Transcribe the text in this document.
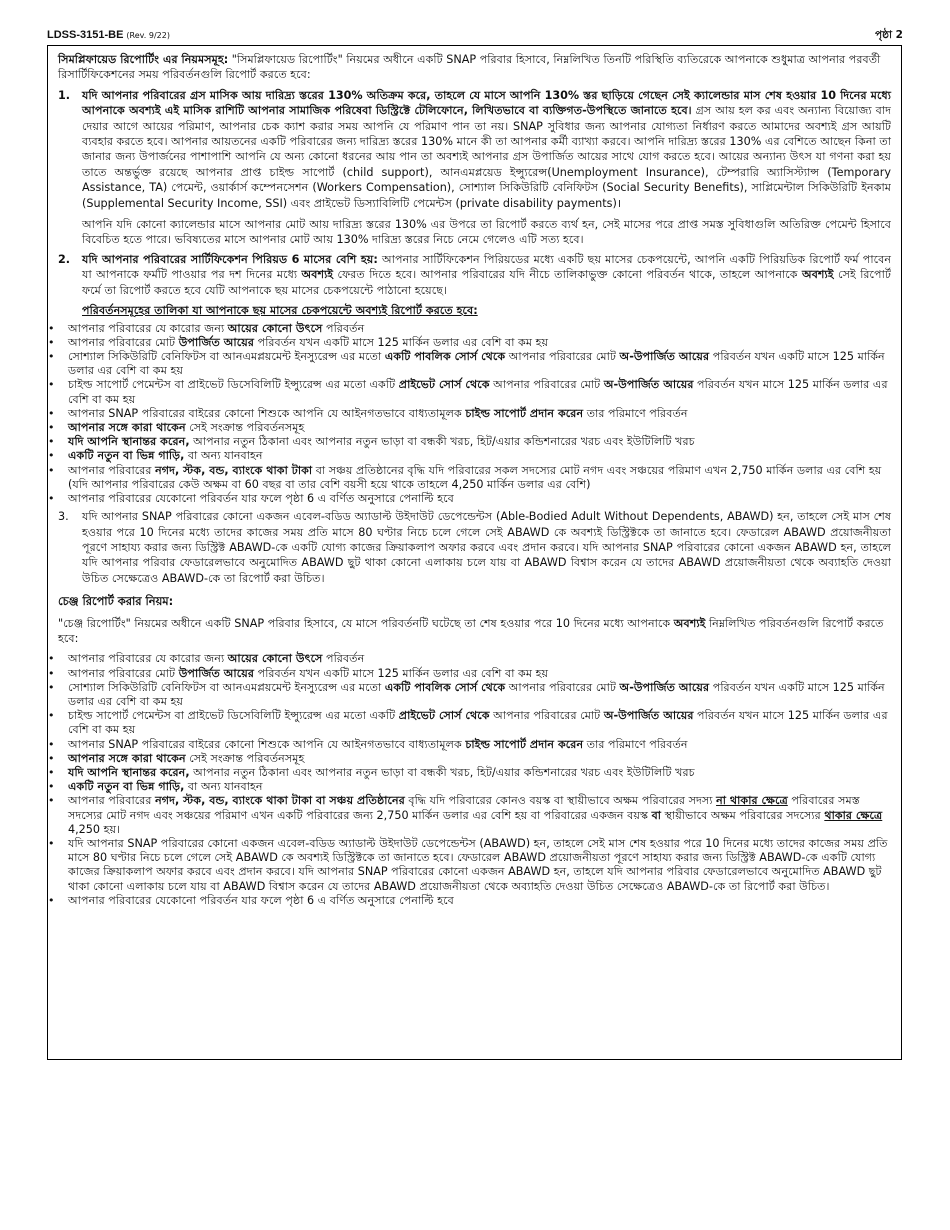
LDSS-3151-BE (Rev. 9/22)	পৃষ্ঠা 2

সিমপ্লিফায়েড রিপোর্টিং এর নিয়মসমূহ: "সিমপ্লিফায়েড রিপোর্টিং" নিয়মের অধীনে একটি SNAP পরিবার হিসাবে, নিম্নলিখিত তিনটি পরিস্থিতি ব্যতিরেকে আপনাকে শুধুমাত্র আপনার পরবর্তী রিসার্টিফিকেশনের সময় পরিবর্তনগুলি রিপোর্ট করতে হবে:

1.	যদি আপনার পরিবারের গ্রস মাসিক আয় দারিদ্র্য স্তরের 130% অতিক্রম করে, তাহলে যে মাসে আপনি 130% স্তর ছাড়িয়ে গেছেন সেই ক্যালেন্ডার মাস শেষ হওয়ার 10 দিনের মধ্যে আপনাকে অবশ্যই এই মাসিক রাশিটি আপনার সামাজিক পরিষেবা ডিস্ট্রিক্টে টেলিফোনে, লিখিতভাবে বা ব্যক্তিগত-উপস্থিতে জানাতে হবে। গ্রস আয় হল কর এবং অন্যান্য বিয়োজ্য বাদ দেয়ার আগে আয়ের পরিমাণ, আপনার চেক ক্যাশ করার সময় আপনি যে পরিমাণ পান তা নয়। SNAP সুবিধার জন্য আপনার যোগ্যতা নির্ধারণ করতে আমাদের অবশ্যই গ্রস আয়টি ব্যবহার করতে হবে। আপনার আয়তনের একটি পরিবারের জন্য দারিদ্র্য স্তরের 130% মানে কী তা আপনার কর্মী ব্যাখ্যা করবে। আপনি দারিদ্র্য স্তরের 130% এর বেশিতে আছেন কিনা তা জানার জন্য উপার্জনের পাশাপাশি আপনি যে অন্য কোনো ধরনের আয় পান তা অবশ্যই আপনার গ্রস উপার্জিত আয়ের সাথে যোগ করতে হবে। আয়ের অন্যান্য উৎস যা গণনা করা হয় তাতে অন্তর্ভুক্ত রয়েছে আপনার প্রাপ্ত চাইল্ড সাপোর্ট (child support), আনএমপ্লয়েড ইন্স্যুরেন্স(Unemployment Insurance), টেম্পরারি অ্যাসিস্ট্যান্স (Temporary Assistance, TA) পেমেন্ট, ওয়ার্কার্স কম্পেনসেশন (Workers Compensation), সোশ্যাল সিকিউরিটি বেনিফিটস (Social Security Benefits), সাপ্লিমেন্টাল সিকিউরিটি ইনকাম (Supplemental Security Income, SSI) এবং প্রাইভেট ডিস্যাবিলিটি পেমেন্টস (private disability payments)।

আপনি যদি কোনো ক্যালেন্ডার মাসে আপনার মোট আয় দারিদ্র্য স্তরের 130% এর উপরে তা রিপোর্ট করতে ব্যর্থ হন, সেই মাসের পরে প্রাপ্ত সমস্ত সুবিধাগুলি অতিরিক্ত পেমেন্ট হিসাবে বিবেচিত হতে পারে। ভবিষ্যতের মাসে আপনার মোট আয় 130% দারিদ্র্য স্তরের নিচে নেমে গেলেও এটি সত্য হবে।

2.	যদি আপনার পরিবারের সার্টিফিকেশন পিরিয়ড 6 মাসের বেশি হয়: আপনার সার্টিফিকেশন পিরিয়ডের মধ্যে একটি ছয় মাসের চেকপয়েন্টে, আপনি একটি পিরিয়ডিক রিপোর্ট ফর্ম পাবেন যা আপনাকে ফর্মটি পাওয়ার পর দশ দিনের মধ্যে অবশ্যই ফেরত দিতে হবে। আপনার পরিবারের যদি নীচে তালিকাভুক্ত কোনো পরিবর্তন থাকে, তাহলে আপনাকে অবশ্যই সেই রিপোর্ট ফর্মে তা রিপোর্ট করতে হবে যেটি আপনাকে ছয় মাসের চেকপয়েন্টে পাঠানো হয়েছে।

পরিবর্তনসমূহের তালিকা যা আপনাকে ছয় মাসের চেকপয়েন্টে অবশ্যই রিপোর্ট করতে হবে:

• আপনার পরিবারের যে কারোর জন্য আয়ের কোনো উৎসে পরিবর্তন
• আপনার পরিবারের মোট উপার্জিত আয়ের পরিবর্তন যখন একটি মাসে 125 মার্কিন ডলার এর বেশি বা কম হয়
• সোশ্যাল সিকিউরিটি বেনিফিটস বা আনএমপ্লয়মেন্ট ইনস্যুরেন্স এর মতো একটি পাবলিক সোর্স থেকে আপনার পরিবারের মোট অ-উপার্জিত আয়ের পরিবর্তন যখন একটি মাসে 125 মার্কিন ডলার এর বেশি বা কম হয়
• চাইল্ড সাপোর্ট পেমেন্টস বা প্রাইভেট ডিসেবিলিটি ইন্স্যুরেন্স এর মতো একটি প্রাইভেট সোর্স থেকে আপনার পরিবারের মোট অ-উপার্জিত আয়ের পরিবর্তন যখন মাসে 125 মার্কিন ডলার এর বেশি বা কম হয়
• আপনার SNAP পরিবারের বাইরের কোনো শিশুকে আপনি যে আইনগতভাবে বাধ্যতামূলক চাইল্ড সাপোর্ট প্রদান করেন তার পরিমাণে পরিবর্তন
• আপনার সঙ্গে কারা থাকেন সেই সংক্রান্ত পরিবর্তনসমূহ
• যদি আপনি স্থানান্তর করেন, আপনার নতুন ঠিকানা এবং আপনার নতুন ভাড়া বা বন্ধকী খরচ, হিট/এয়ার কন্ডিশনারের খরচ এবং ইউটিলিটি খরচ
• একটি নতুন বা ভিন্ন গাড়ি, বা অন্য যানবাহন
• আপনার পরিবারের নগদ, স্টক, বন্ড, ব্যাংকে থাকা টাকা বা সঞ্চয় প্রতিষ্ঠানের বৃদ্ধি যদি পরিবারের সকল সদস্যের মোট নগদ এবং সঞ্চয়ের পরিমাণ এখন 2,750 মার্কিন ডলার এর বেশি হয় (যদি আপনার পরিবারের কেউ অক্ষম বা 60 বছর বা তার বেশি বয়সী হয়ে থাকে তাহলে 4,250 মার্কিন ডলার এর বেশি)
• আপনার পরিবারের যেকোনো পরিবর্তন যার ফলে পৃষ্ঠা 6 এ বর্ণিত অনুসারে পেনাল্টি হবে
3.	যদি আপনার SNAP পরিবারের কোনো একজন এবেল-বডিড অ্যাডাল্ট উইদাউট ডেপেন্ডেন্টস (Able-Bodied Adult Without Dependents, ABAWD) হন, তাহলে সেই মাস শেষ হওয়ার পরে 10 দিনের মধ্যে তাদের কাজের সময় প্রতি মাসে 80 ঘণ্টার নিচে চলে গেলে সেই ABAWD কে অবশ্যই ডিস্ট্রিক্টকে তা জানাতে হবে। ফেডারেল ABAWD প্রয়োজনীয়তা পূরণে সাহায্য করার জন্য ডিস্ট্রিক্ট ABAWD-কে একটি যোগ্য কাজের ক্রিয়াকলাপ অফার করবে এবং প্রদান করবে। যদি আপনার SNAP পরিবারের কোনো একজন ABAWD হন, তাহলে যদি আপনার পরিবার ফেডারেলভাবে অনুমোদিত ABAWD ছুট থাকা কোনো এলাকায় চলে যায় বা ABAWD বিশ্বাস করেন যে তাদের ABAWD প্রয়োজনীয়তা থেকে অব্যাহতি দেওয়া উচিত সেক্ষেত্রেও ABAWD-কে তা রিপোর্ট করা উচিত।

চেঞ্জ রিপোর্ট করার নিয়ম:

"চেঞ্জ রিপোর্টিং" নিয়মের অধীনে একটি SNAP পরিবার হিসাবে, যে মাসে পরিবর্তনটি ঘটেছে তা শেষ হওয়ার পরে 10 দিনের মধ্যে আপনাকে অবশ্যই নিম্নলিখিত পরিবর্তনগুলি রিপোর্ট করতে হবে:

• আপনার পরিবারের যে কারোর জন্য আয়ের কোনো উৎসে পরিবর্তন
• আপনার পরিবারের মোট উপার্জিত আয়ের পরিবর্তন যখন একটি মাসে 125 মার্কিন ডলার এর বেশি বা কম হয়
• সোশ্যাল সিকিউরিটি বেনিফিটস বা আনএমপ্লয়মেন্ট ইনস্যুরেন্স এর মতো একটি পাবলিক সোর্স থেকে আপনার পরিবারের মোট অ-উপার্জিত আয়ের পরিবর্তন যখন একটি মাসে 125 মার্কিন ডলার এর বেশি বা কম হয়
• চাইল্ড সাপোর্ট পেমেন্টস বা প্রাইভেট ডিসেবিলিটি ইন্স্যুরেন্স এর মতো একটি প্রাইভেট সোর্স থেকে আপনার পরিবারের মোট অ-উপার্জিত আয়ের পরিবর্তন যখন মাসে 125 মার্কিন ডলার এর বেশি বা কম হয়
• আপনার SNAP পরিবারের বাইরের কোনো শিশুকে আপনি যে আইনগতভাবে বাধ্যতামূলক চাইল্ড সাপোর্ট প্রদান করেন তার পরিমাণে পরিবর্তন
• আপনার সঙ্গে কারা থাকেন সেই সংক্রান্ত পরিবর্তনসমূহ
• যদি আপনি স্থানান্তর করেন, আপনার নতুন ঠিকানা এবং আপনার নতুন ভাড়া বা বন্ধকী খরচ, হিট/এয়ার কন্ডিশনারের খরচ এবং ইউটিলিটি খরচ
• একটি নতুন বা ভিন্ন গাড়ি, বা অন্য যানবাহন
• আপনার পরিবারের নগদ, স্টক, বন্ড, ব্যাংকে থাকা টাকা বা সঞ্চয় প্রতিষ্ঠানের বৃদ্ধি যদি পরিবারের কোনও বয়স্ক বা স্থায়ীভাবে অক্ষম পরিবারের সদস্য না থাকার ক্ষেত্রে পরিবারের সমস্ত সদস্যের মোট নগদ এবং সঞ্চয়ের পরিমাণ এখন একটি পরিবারের জন্য 2,750 মার্কিন ডলার এর বেশি হয় বা পরিবারের একজন বয়স্ক বা স্থায়ীভাবে অক্ষম পরিবারের সদস্যের থাকার ক্ষেত্রে 4,250 হয়।
• যদি আপনার SNAP পরিবারের কোনো একজন এবেল-বডিড অ্যাডাল্ট উইদাউট ডেপেন্ডেন্টস (ABAWD) হন, তাহলে সেই মাস শেষ হওয়ার পরে 10 দিনের মধ্যে তাদের কাজের সময় প্রতি মাসে 80 ঘণ্টার নিচে চলে গেলে সেই ABAWD কে অবশ্যই ডিস্ট্রিক্টকে তা জানাতে হবে। ফেডারেল ABAWD প্রয়োজনীয়তা পূরণে সাহায্য করার জন্য ডিস্ট্রিক্ট ABAWD-কে একটি যোগ্য কাজের ক্রিয়াকলাপ অফার করবে এবং প্রদান করবে। যদি আপনার SNAP পরিবারের কোনো একজন ABAWD হন, তাহলে যদি আপনার পরিবার ফেডারেলভাবে অনুমোদিত ABAWD ছুট থাকা কোনো এলাকায় চলে যায় বা ABAWD বিশ্বাস করেন যে তাদের ABAWD প্রয়োজনীয়তা থেকে অব্যাহতি দেওয়া উচিত সেক্ষেত্রেও ABAWD-কে তা রিপোর্ট করা উচিত।
• আপনার পরিবারের যেকোনো পরিবর্তন যার ফলে পৃষ্ঠা 6 এ বর্ণিত অনুসারে পেনাল্টি হবে
